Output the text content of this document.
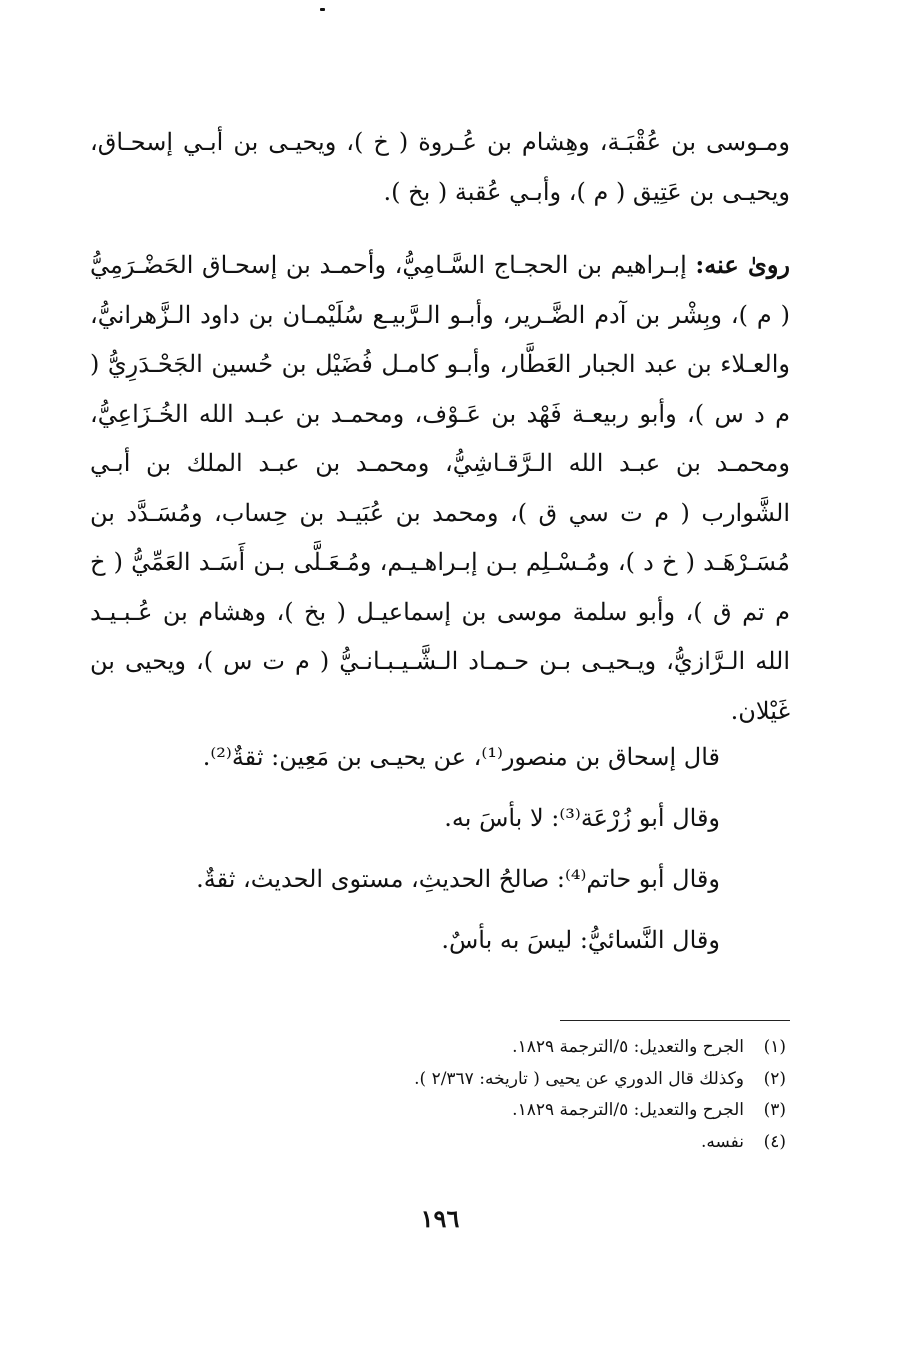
ومـوسى بن عُقْبَـة، وهِشام بن عُـروة ( خ )، ويحيـى بن أبـي إسحـاق، ويحيـى بن عَتِيق ( م )، وأبـي عُقبة ( بخ ).

روىٰ عنه: إبـراهيم بن الحجـاج السَّـامِيُّ، وأحمـد بن إسحـاق الحَضْـرَمِيُّ ( م )، وبِشْر بن آدم الضَّـرير، وأبـو الـرَّبيـع سُلَيْمـان بن داود الـزَّهرانيُّ، والعـلاء بن عبد الجبار العَطَّار، وأبـو كامـل فُضَيْل بن حُسين الجَحْـدَرِيُّ ( م د س )، وأبو ربيعـة فَهْد بن عَـوْف، ومحمـد بن عبـد الله الخُـزَاعِيُّ، ومحمـد بن عبـد الله الـرَّقـاشِيُّ، ومحمـد بن عبـد الملك بن أبـي الشَّوارب ( م ت سي ق )، ومحمد بن عُبَيـد بن حِساب، ومُسَـدَّد بن مُسَـرْهَـد ( خ د )، ومُـسْـلِم بـن إبـراهـيـم، ومُـعَـلَّى بـن أَسَـد العَمِّيُّ ( خ م تم ق )، وأبو سلمة موسى بن إسماعيـل ( بخ )، وهشام بن عُـبـيـد الله الـرَّازيُّ، ويـحيـى بـن حـمـاد الـشَّـيـبـانـيُّ ( م ت س )، ويحيى بن غَيْلان.

قال إسحاق بن منصور⁽¹⁾، عن يحيـى بن مَعِين: ثقةٌ⁽²⁾.
وقال أبو زُرْعَة⁽³⁾: لا بأسَ به.
وقال أبو حاتم⁽⁴⁾: صالحُ الحديثِ، مستوى الحديث، ثقةٌ.
وقال النَّسائيُّ: ليسَ به بأسٌ.
(١)الجرح والتعديل: ٥/الترجمة ١٨٢٩.
(٢)وكذلك قال الدوري عن يحيى ( تاريخه: ٢/٣٦٧ ).
(٣)الجرح والتعديل: ٥/الترجمة ١٨٢٩.
(٤)نفسه.
١٩٦
